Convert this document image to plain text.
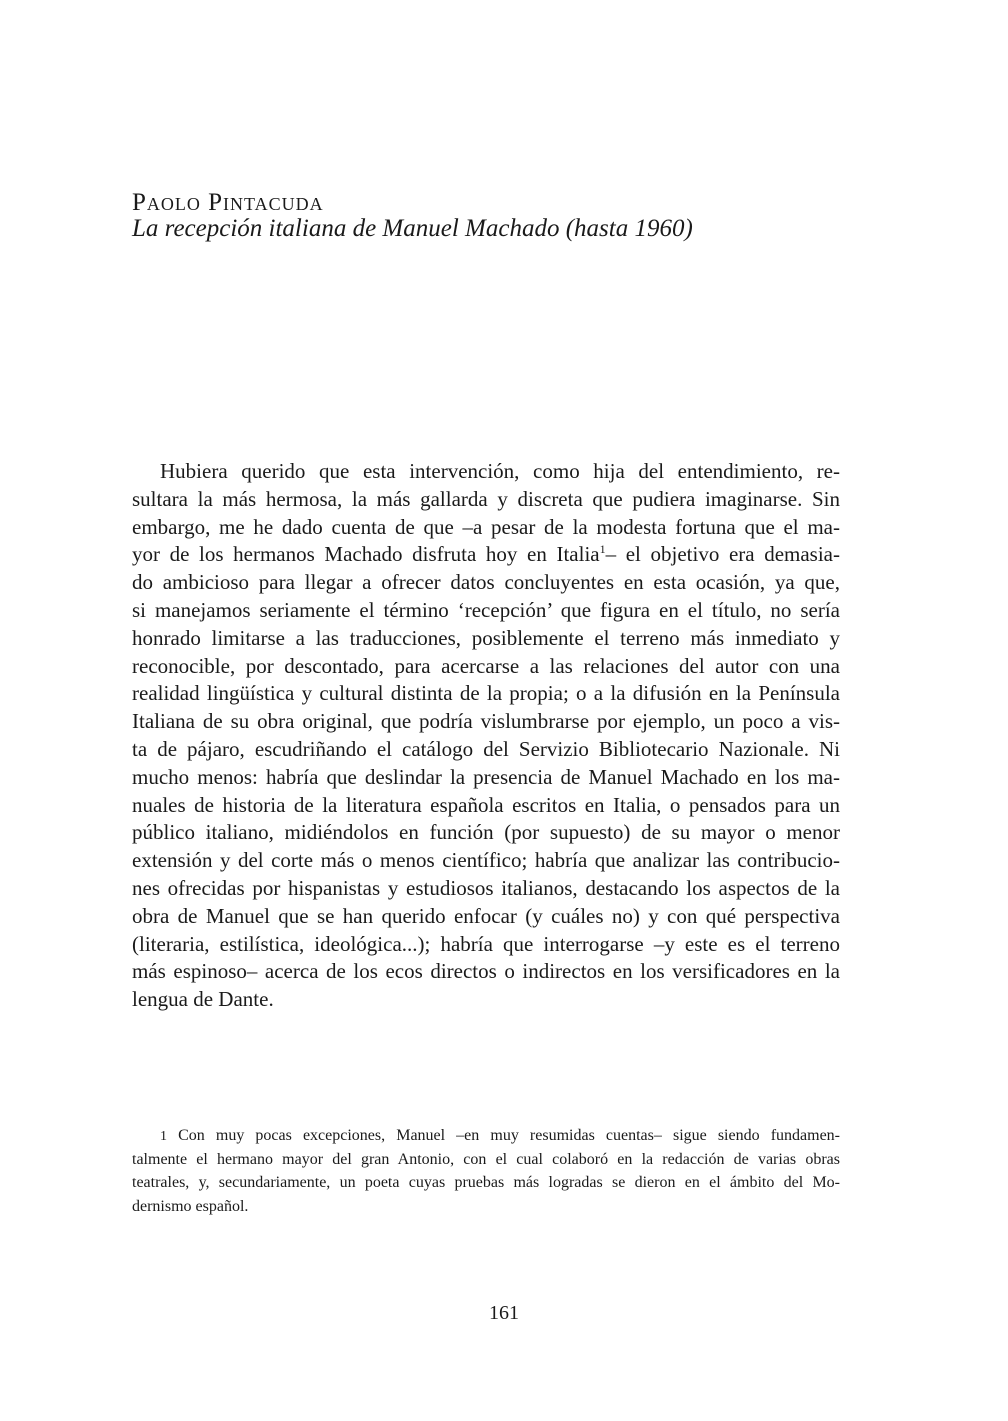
Paolo Pintacuda
La recepción italiana de Manuel Machado (hasta 1960)
Hubiera querido que esta intervención, como hija del entendimiento, re-
sultara la más hermosa, la más gallarda y discreta que pudiera imaginarse. Sin
embargo, me he dado cuenta de que –a pesar de la modesta fortuna que el ma-
yor de los hermanos Machado disfruta hoy en Italia$^1$– el objetivo era demasia-
do ambicioso para llegar a ofrecer datos concluyentes en esta ocasión, ya que,
si manejamos seriamente el término ‘recepción’ que figura en el título, no sería
honrado limitarse a las traducciones, posiblemente el terreno más inmediato y
reconocible, por descontado, para acercarse a las relaciones del autor con una
realidad lingüística y cultural distinta de la propia; o a la difusión en la Península
Italiana de su obra original, que podría vislumbrarse por ejemplo, un poco a vis-
ta de pájaro, escudriñando el catálogo del Servizio Bibliotecario Nazionale. Ni
mucho menos: habría que deslindar la presencia de Manuel Machado en los ma-
nuales de historia de la literatura española escritos en Italia, o pensados para un
público italiano, midiéndolos en función (por supuesto) de su mayor o menor
extensión y del corte más o menos científico; habría que analizar las contribucio-
nes ofrecidas por hispanistas y estudiosos italianos, destacando los aspectos de la
obra de Manuel que se han querido enfocar (y cuáles no) y con qué perspectiva
(literaria, estilística, ideológica...); habría que interrogarse –y este es el terreno
más espinoso– acerca de los ecos directos o indirectos en los versificadores en la
lengua de Dante.
1 Con muy pocas excepciones, Manuel –en muy resumidas cuentas– sigue siendo fundamen-
talmente el hermano mayor del gran Antonio, con el cual colaboró en la redacción de varias obras
teatrales, y, secundariamente, un poeta cuyas pruebas más logradas se dieron en el ámbito del Mo-
dernismo español.
161
